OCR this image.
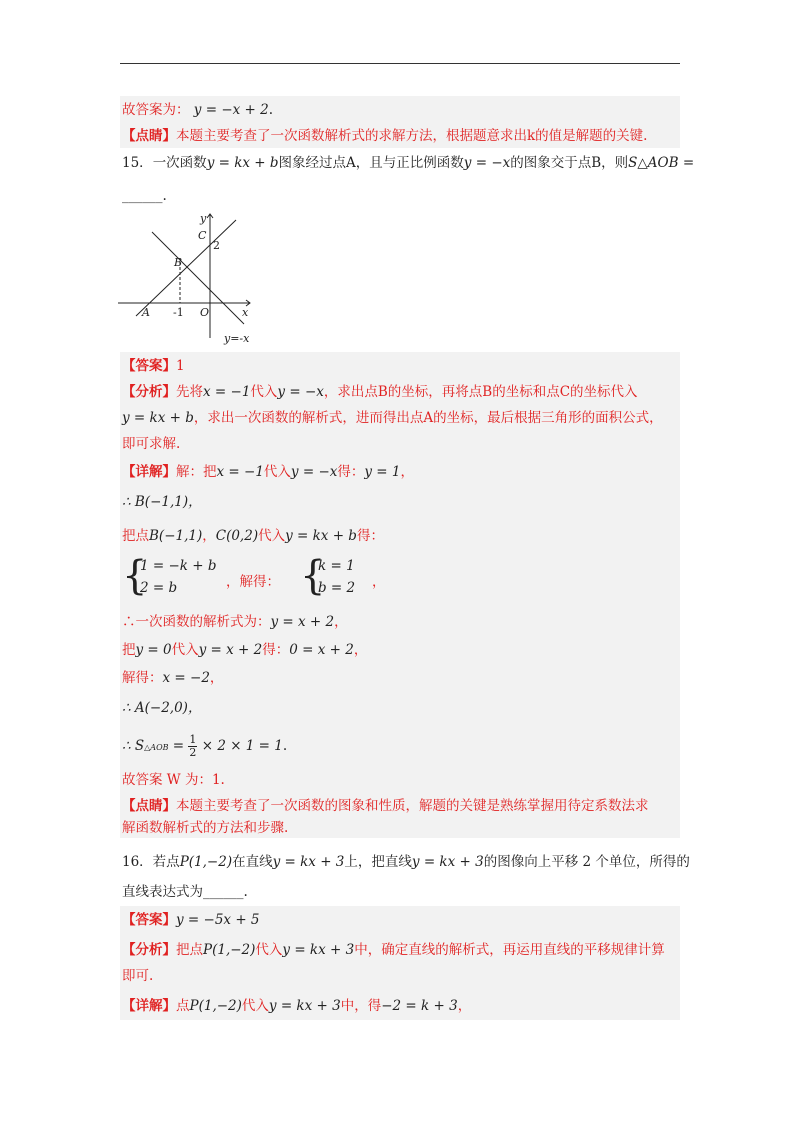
故答案为： y = −x + 2.
【点睛】本题主要考查了一次函数解析式的求解方法，根据题意求出k的值是解题的关键.
15．一次函数y = kx + b图象经过点A，且与正比例函数y = −x的图象交于点B，则S△AOB =
______.
y
x
C
2
B
A -1 O
y=-x
【答案】1
【分析】先将x = −1代入y = −x，求出点B的坐标，再将点B的坐标和点C的坐标代入
y = kx + b，求出一次函数的解析式，进而得出点A的坐标，最后根据三角形的面积公式，
即可求解.
【详解】解：把x = −1代入y = −x得：y = 1，
∴ B(−1,1)，
把点B(−1,1)，C(0,2)代入y = kx + b得：
{
1 = −k + b
2 = b	，解得： {
k = 1
b = 2 ，
∴一次函数的解析式为：y = x + 2，
把y = 0代入y = x + 2得：0 = x + 2，
解得：x = −2，
∴ A(−2,0)，
∴ S△AOB = $\frac{1}{2} \times 2 \times 1 = 1$.
故答案 W 为：1.
【点睛】本题主要考查了一次函数的图象和性质，解题的关键是熟练掌握用待定系数法求
解函数解析式的方法和步骤.
16．若点P(1,−2)在直线y = kx + 3上，把直线y = kx + 3的图像向上平移 2 个单位，所得的
直线表达式为______.
【答案】y = −5x + 5
【分析】把点P(1,−2)代入y = kx + 3中，确定直线的解析式，再运用直线的平移规律计算
即可.
【详解】点P(1,−2)代入y = kx + 3中，得−2 = k + 3，
